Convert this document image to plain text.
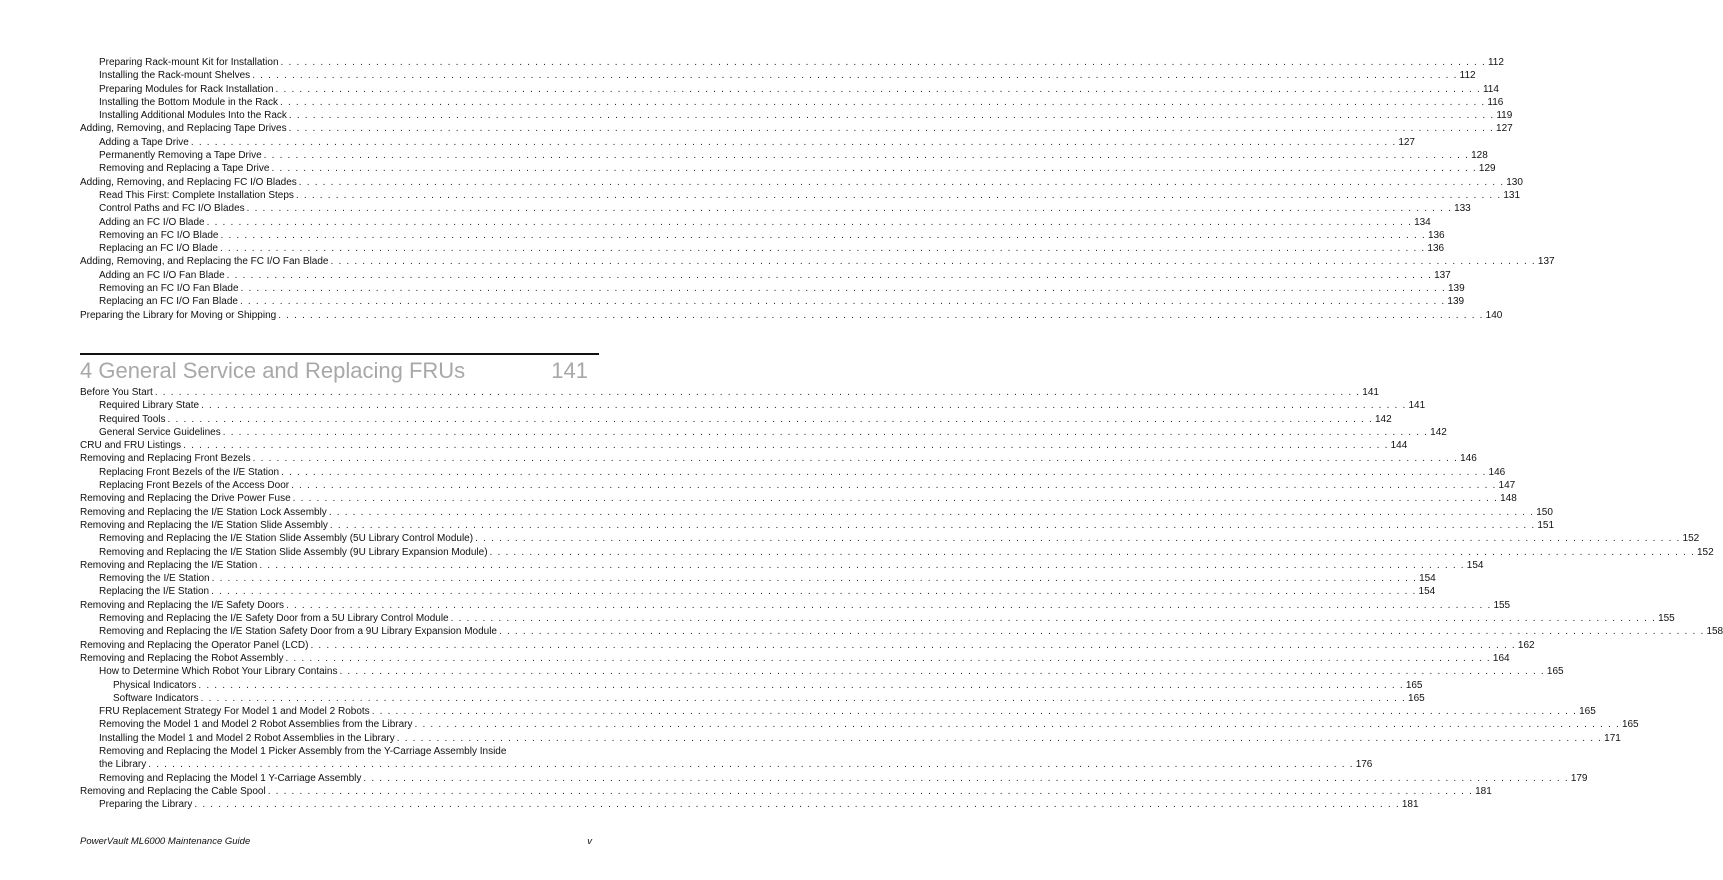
Preparing Rack-mount Kit for Installation . . .	112
Installing the Rack-mount Shelves . . .	112
Preparing Modules for Rack Installation . . .	114
Installing the Bottom Module in the Rack . . .	116
Installing Additional Modules Into the Rack . . .	119
Adding, Removing, and Replacing Tape Drives . . .	127
Adding a Tape Drive . . .	127
Permanently Removing a Tape Drive . . .	128
Removing and Replacing a Tape Drive . . .	129
Adding, Removing, and Replacing FC I/O Blades . . .	130
Read This First: Complete Installation Steps . . .	131
Control Paths and FC I/O Blades . . .	133
Adding an FC I/O Blade . . .	134
Removing an FC I/O Blade . . .	136
Replacing an FC I/O Blade . . .	136
Adding, Removing, and Replacing the FC I/O Fan Blade . . .	137
Adding an FC I/O Fan Blade . . .	137
Removing an FC I/O Fan Blade . . .	139
Replacing an FC I/O Fan Blade . . .	139
Preparing the Library for Moving or Shipping . . .	140
4 General Service and Replacing FRUs	141
Before You Start . . .	141
Required Library State . . .	141
Required Tools . . .	142
General Service Guidelines . . .	142
CRU and FRU Listings . . .	144
Removing and Replacing Front Bezels . . .	146
Replacing Front Bezels of the I/E Station . . .	146
Replacing Front Bezels of the Access Door . . .	147
Removing and Replacing the Drive Power Fuse . . .	148
Removing and Replacing the I/E Station Lock Assembly . . .	150
Removing and Replacing the I/E Station Slide Assembly . . .	151
Removing and Replacing the I/E Station Slide Assembly (5U Library Control Module) . . .	152
Removing and Replacing the I/E Station Slide Assembly (9U Library Expansion Module) . . .	152
Removing and Replacing the I/E Station . . .	154
Removing the I/E Station . . .	154
Replacing the I/E Station . . .	154
Removing and Replacing the I/E Safety Doors . . .	155
Removing and Replacing the I/E Safety Door from a 5U Library Control Module . . .	155
Removing and Replacing the I/E Station Safety Door from a 9U Library Expansion Module . . .	158
Removing and Replacing the Operator Panel (LCD) . . .	162
Removing and Replacing the Robot Assembly . . .	164
How to Determine Which Robot Your Library Contains . . .	165
Physical Indicators . . .	165
Software Indicators . . .	165
FRU Replacement Strategy For Model 1 and Model 2 Robots . . .	165
Removing the Model 1 and Model 2 Robot Assemblies from the Library . . .	165
Installing the Model 1 and Model 2 Robot Assemblies in the Library . . .	171
Removing and Replacing the Model 1 Picker Assembly from the Y-Carriage Assembly Inside
the Library . . .	176
Removing and Replacing the Model 1 Y-Carriage Assembly . . .	179
Removing and Replacing the Cable Spool . . .	181
Preparing the Library . . .	181
PowerVault ML6000 Maintenance Guide	v
